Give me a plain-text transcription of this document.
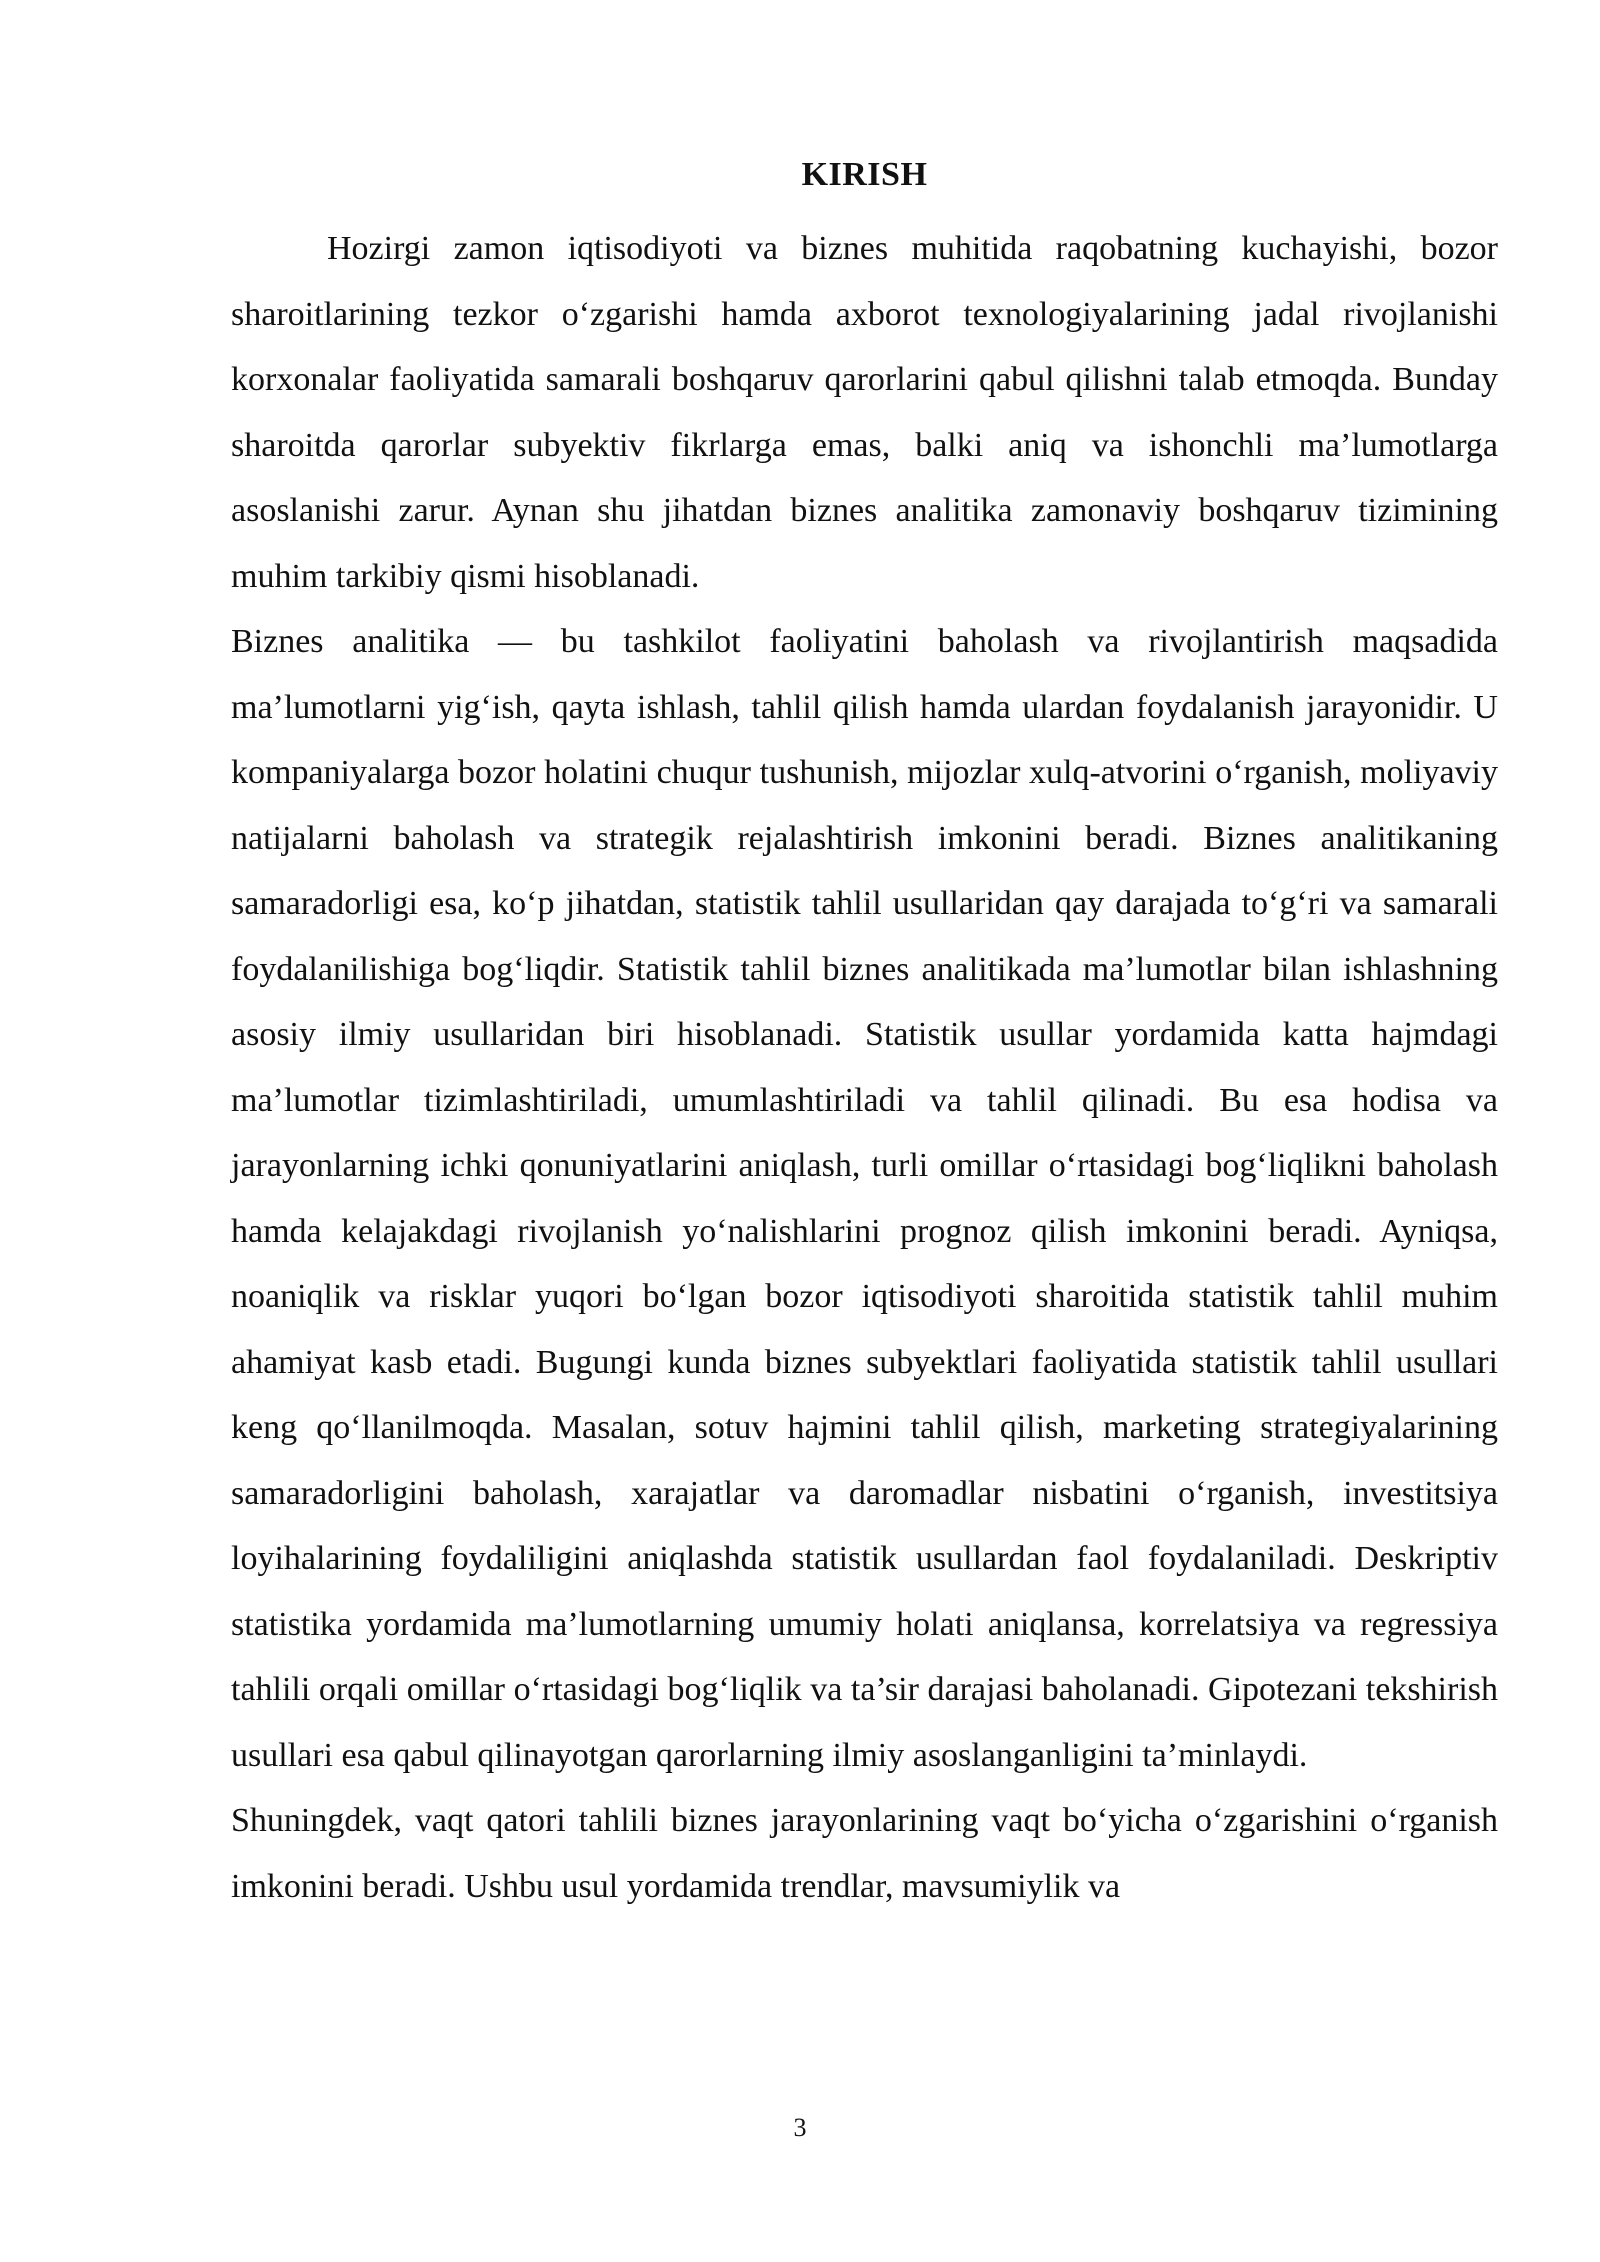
KIRISH

Hozirgi zamon iqtisodiyoti va biznes muhitida raqobatning kuchayishi, bozor sharoitlarining tezkor o‘zgarishi hamda axborot texnologiyalarining jadal rivojlanishi korxonalar faoliyatida samarali boshqaruv qarorlarini qabul qilishni talab etmoqda. Bunday sharoitda qarorlar subyektiv fikrlarga emas, balki aniq va ishonchli ma’lumotlarga asoslanishi zarur. Aynan shu jihatdan biznes analitika zamonaviy boshqaruv tizimining muhim tarkibiy qismi hisoblanadi.

Biznes analitika — bu tashkilot faoliyatini baholash va rivojlantirish maqsadida ma’lumotlarni yig‘ish, qayta ishlash, tahlil qilish hamda ulardan foydalanish jarayonidir. U kompaniyalarga bozor holatini chuqur tushunish, mijozlar xulq-atvorini o‘rganish, moliyaviy natijalarni baholash va strategik rejalashtirish imkonini beradi. Biznes analitikaning samaradorligi esa, ko‘p jihatdan, statistik tahlil usullaridan qay darajada to‘g‘ri va samarali foydalanilishiga bog‘liqdir. Statistik tahlil biznes analitikada ma’lumotlar bilan ishlashning asosiy ilmiy usullaridan biri hisoblanadi. Statistik usullar yordamida katta hajmdagi ma’lumotlar tizimlashtiriladi, umumlashtiriladi va tahlil qilinadi. Bu esa hodisa va jarayonlarning ichki qonuniyatlarini aniqlash, turli omillar o‘rtasidagi bog‘liqlikni baholash hamda kelajakdagi rivojlanish yo‘nalishlarini prognoz qilish imkonini beradi. Ayniqsa, noaniqlik va risklar yuqori bo‘lgan bozor iqtisodiyoti sharoitida statistik tahlil muhim ahamiyat kasb etadi. Bugungi kunda biznes subyektlari faoliyatida statistik tahlil usullari keng qo‘llanilmoqda. Masalan, sotuv hajmini tahlil qilish, marketing strategiyalarining samaradorligini baholash, xarajatlar va daromadlar nisbatini o‘rganish, investitsiya loyihalarining foydaliligini aniqlashda statistik usullardan faol foydalaniladi. Deskriptiv statistika yordamida ma’lumotlarning umumiy holati aniqlansa, korrelatsiya va regressiya tahlili orqali omillar o‘rtasidagi bog‘liqlik va ta’sir darajasi baholanadi. Gipotezani tekshirish usullari esa qabul qilinayotgan qarorlarning ilmiy asoslanganligini ta’minlaydi.

Shuningdek, vaqt qatori tahlili biznes jarayonlarining vaqt bo‘yicha o‘zgarishini o‘rganish imkonini beradi. Ushbu usul yordamida trendlar, mavsumiylik va

3
